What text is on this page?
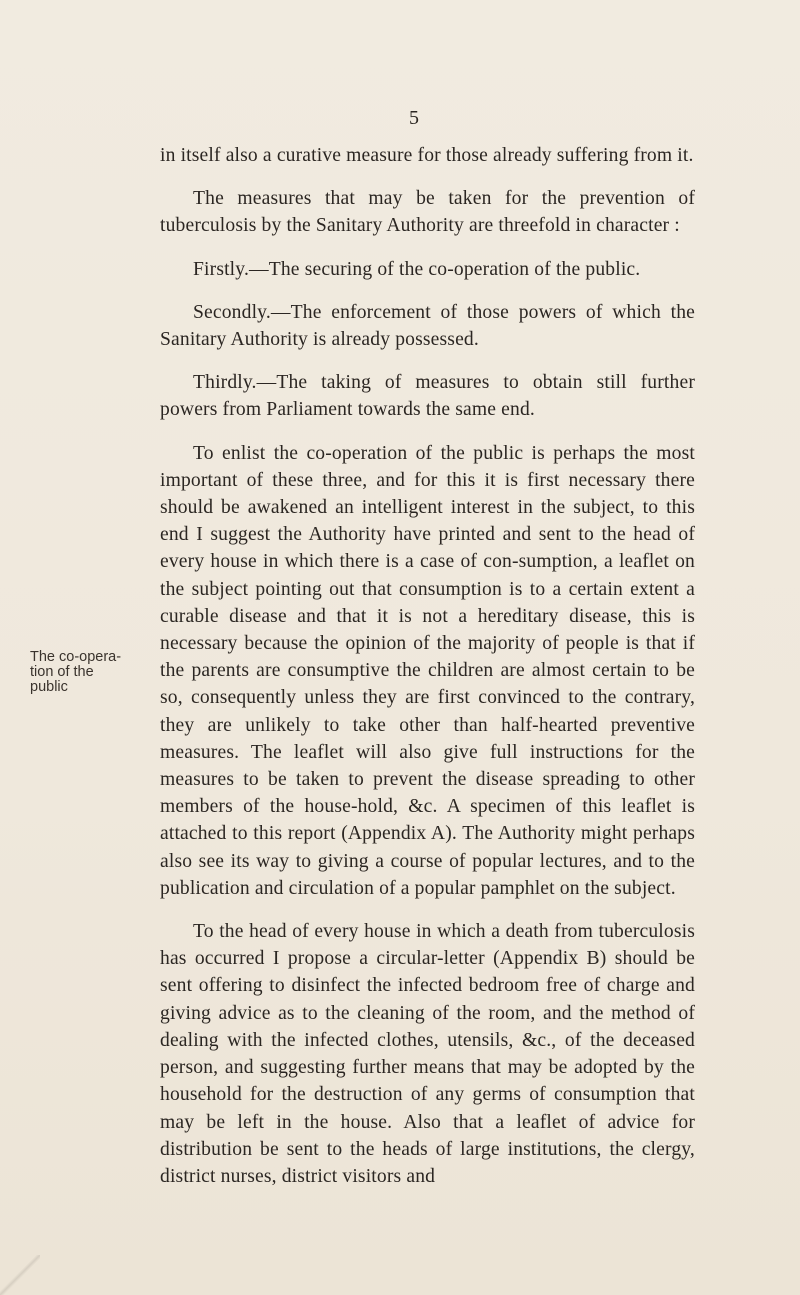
5
The co-opera-
tion of the
public

in itself also a curative measure for those already suffering from it.

The measures that may be taken for the prevention of tuberculosis by the Sanitary Authority are threefold in character :

Firstly.—The securing of the co-operation of the public.

Secondly.—The enforcement of those powers of which the Sanitary Authority is already possessed.

Thirdly.—The taking of measures to obtain still further powers from Parliament towards the same end.

To enlist the co-operation of the public is perhaps the most important of these three, and for this it is first necessary there should be awakened an intelligent interest in the subject, to this end I suggest the Authority have printed and sent to the head of every house in which there is a case of con-sumption, a leaflet on the subject pointing out that consumption is to a certain extent a curable disease and that it is not a hereditary disease, this is necessary because the opinion of the majority of people is that if the parents are consumptive the children are almost certain to be so, consequently unless they are first convinced to the contrary, they are unlikely to take other than half-hearted preventive measures. The leaflet will also give full instructions for the measures to be taken to prevent the disease spreading to other members of the house-hold, &c. A specimen of this leaflet is attached to this report (Appendix A). The Authority might perhaps also see its way to giving a course of popular lectures, and to the publication and circulation of a popular pamphlet on the subject.

To the head of every house in which a death from tuberculosis has occurred I propose a circular-letter (Appendix B) should be sent offering to disinfect the infected bedroom free of charge and giving advice as to the cleaning of the room, and the method of dealing with the infected clothes, utensils, &c., of the deceased person, and suggesting further means that may be adopted by the household for the destruction of any germs of consumption that may be left in the house. Also that a leaflet of advice for distribution be sent to the heads of large institutions, the clergy, district nurses, district visitors and
